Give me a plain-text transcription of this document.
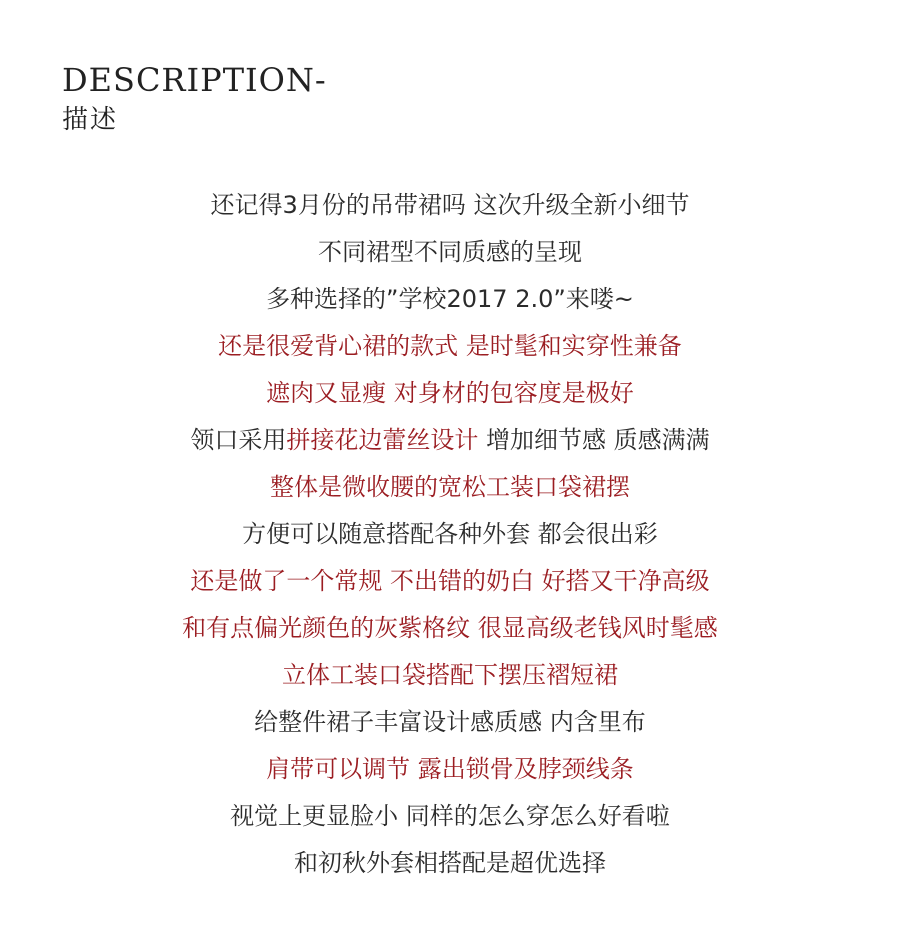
DESCRIPTION-
描述
还记得3月份的吊带裙吗 这次升级全新小细节
不同裙型不同质感的呈现
多种选择的”学校2017 2.0”来喽~
还是很爱背心裙的款式 是时髦和实穿性兼备
遮肉又显瘦 对身材的包容度是极好
领口采用拼接花边蕾丝设计 增加细节感 质感满满
整体是微收腰的宽松工装口袋裙摆
方便可以随意搭配各种外套 都会很出彩
还是做了一个常规 不出错的奶白 好搭又干净高级
和有点偏光颜色的灰紫格纹 很显高级老钱风时髦感
立体工装口袋搭配下摆压褶短裙
给整件裙子丰富设计感质感 内含里布
肩带可以调节 露出锁骨及脖颈线条
视觉上更显脸小 同样的怎么穿怎么好看啦
和初秋外套相搭配是超优选择
